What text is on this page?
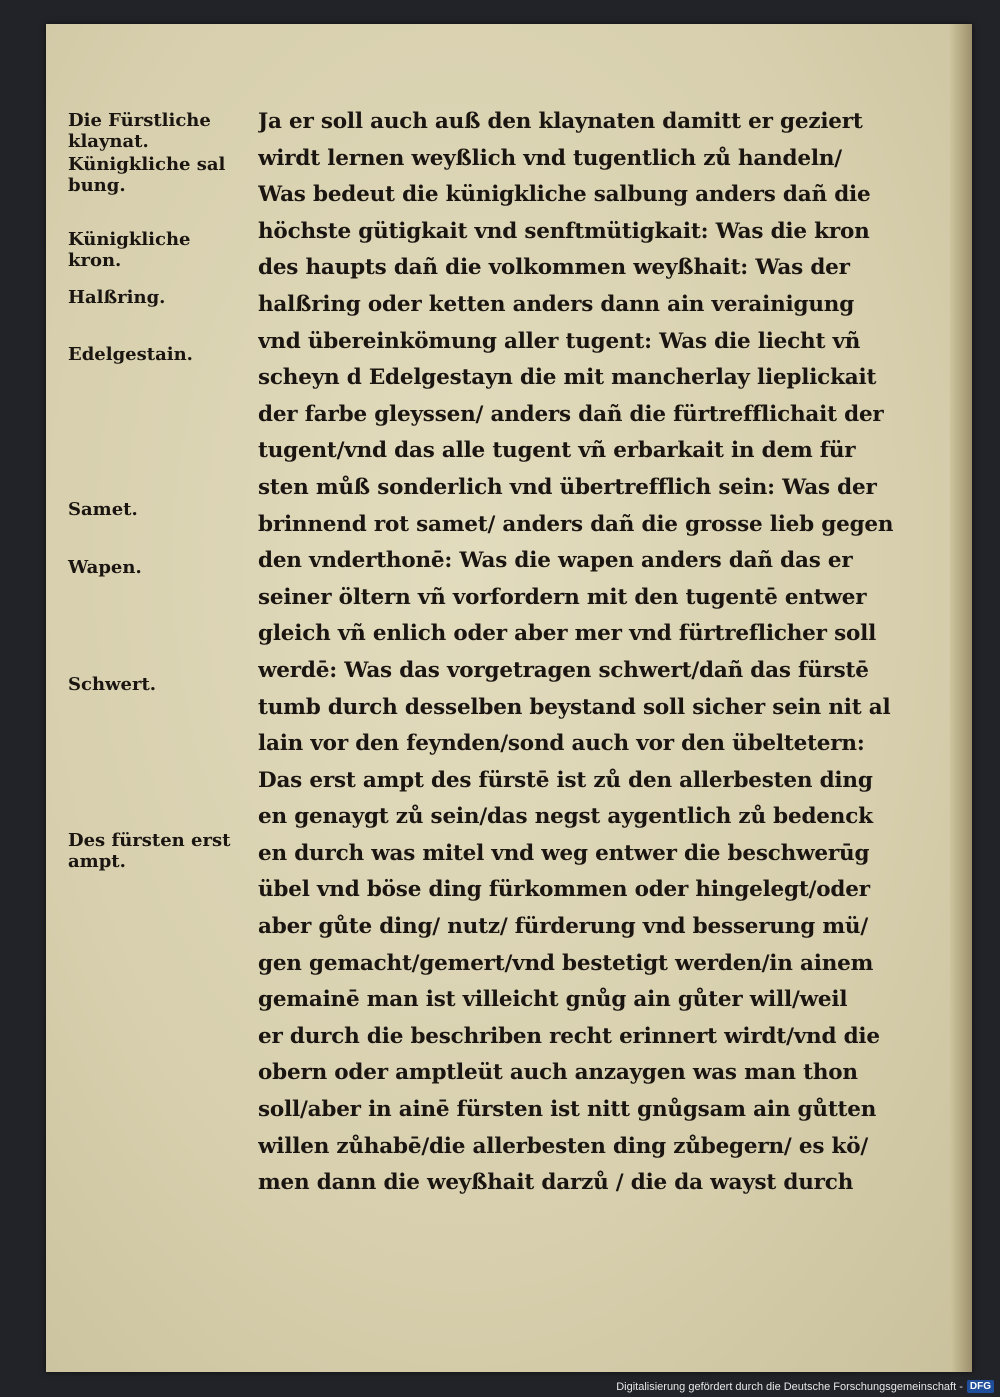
Die Fürstliche
klaynat.

Künigkliche sal
bung.

Künigkliche
kron.

Halßring.

Edelgestain.

Samet.

Wapen.

Schwert.

Des fürsten erst
ampt.

Ja er soll auch auß den klaynaten damitt er geziert
wirdt lernen weyßlich vnd tugentlich zů handeln/
Was bedeut die künigkliche salbung anders dañ die
höchste gütigkait vnd senftmütigkait: Was die kron
des haupts dañ die volkommen weyßhait: Was der
halßring oder ketten anders dann ain verainigung
vnd übereinkömung aller tugent: Was die liecht vñ
scheyn d Edelgestayn die mit mancherlay lieplickait
der farbe gleyssen/ anders dañ die fürtrefflichait der
tugent/vnd das alle tugent vñ erbarkait in dem für
sten můß sonderlich vnd übertrefflich sein: Was der
brinnend rot samet/ anders dañ die grosse lieb gegen
den vnderthonē: Was die wapen anders dañ das er
seiner öltern vñ vorfordern mit den tugentē entwer
gleich vñ enlich oder aber mer vnd fürtreflicher soll
werdē: Was das vorgetragen schwert/dañ das fürstē
tumb durch desselben beystand soll sicher sein nit al
lain vor den feynden/sond auch vor den übeltetern:
Das erst ampt des fürstē ist zů den allerbesten ding
en genaygt zů sein/das negst aygentlich zů bedenck
en durch was mitel vnd weg entwer die beschwerūg
übel vnd böse ding fürkommen oder hingelegt/oder
aber gůte ding/ nutz/ fürderung vnd besserung mü/
gen gemacht/gemert/vnd bestetigt werden/in ainem
gemainē man ist villeicht gnůg ain gůter will/weil
er durch die beschriben recht erinnert wirdt/vnd die
obern oder amptleüt auch anzaygen was man thon
soll/aber in ainē fürsten ist nitt gnůgsam ain gůtten
willen zůhabē/die allerbesten ding zůbegern/ es kö/
men dann die weyßhait darzů / die da wayst durch
Digitalisierung gefördert durch die Deutsche Forschungsgemeinschaft - DFG
